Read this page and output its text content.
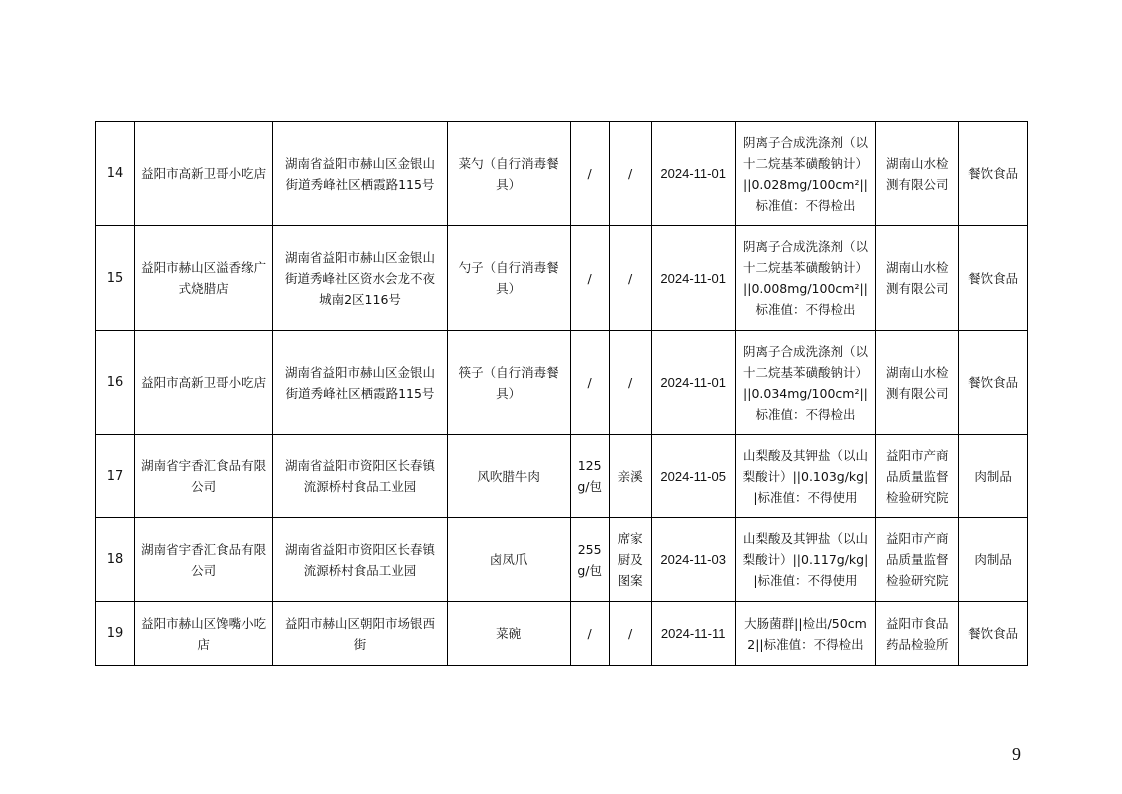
14	益阳市高新卫哥小吃店	湖南省益阳市赫山区金银山街道秀峰社区栖霞路115号	菜勺（自行消毒餐具）	/	/	2024-11-01	阴离子合成洗涤剂（以十二烷基苯磺酸钠计）||0.028mg/100cm²||标准值：不得检出	湖南山水检测有限公司	餐饮食品
15	益阳市赫山区溢香缘广式烧腊店	湖南省益阳市赫山区金银山街道秀峰社区资水会龙不夜城南2区116号	勺子（自行消毒餐具）	/	/	2024-11-01	阴离子合成洗涤剂（以十二烷基苯磺酸钠计）||0.008mg/100cm²||标准值：不得检出	湖南山水检测有限公司	餐饮食品
16	益阳市高新卫哥小吃店	湖南省益阳市赫山区金银山街道秀峰社区栖霞路115号	筷子（自行消毒餐具）	/	/	2024-11-01	阴离子合成洗涤剂（以十二烷基苯磺酸钠计）||0.034mg/100cm²||标准值：不得检出	湖南山水检测有限公司	餐饮食品
17	湖南省宇香汇食品有限公司	湖南省益阳市资阳区长春镇流源桥村食品工业园	风吹腊牛肉	125g/包	亲溪	2024-11-05	山梨酸及其钾盐（以山梨酸计）||0.103g/kg||标准值：不得使用	益阳市产商品质量监督检验研究院	肉制品
18	湖南省宇香汇食品有限公司	湖南省益阳市资阳区长春镇流源桥村食品工业园	卤凤爪	255g/包	席家厨及图案	2024-11-03	山梨酸及其钾盐（以山梨酸计）||0.117g/kg||标准值：不得使用	益阳市产商品质量监督检验研究院	肉制品
19	益阳市赫山区馋嘴小吃店	益阳市赫山区朝阳市场银西街	菜碗	/	/	2024-11-11	大肠菌群||检出/50cm2||标准值：不得检出	益阳市食品药品检验所	餐饮食品
9
